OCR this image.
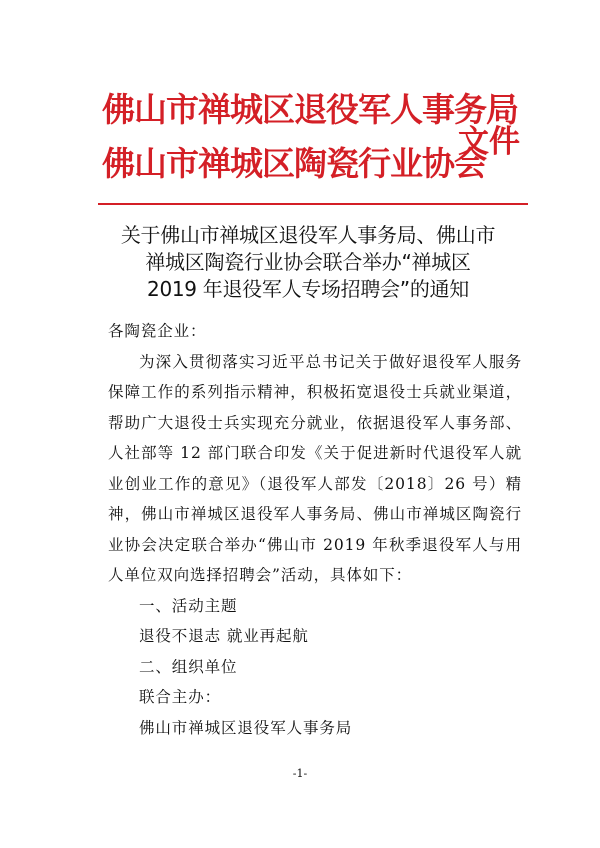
佛山市禅城区退役军人事务局
佛山市禅城区陶瓷行业协会
文件
关于佛山市禅城区退役军人事务局、佛山市
禅城区陶瓷行业协会联合举办“禅城区
2019 年退役军人专场招聘会”的通知

各陶瓷企业：

为深入贯彻落实习近平总书记关于做好退役军人服务保障工作的系列指示精神，积极拓宽退役士兵就业渠道，帮助广大退役士兵实现充分就业，依据退役军人事务部、人社部等 12 部门联合印发《关于促进新时代退役军人就业创业工作的意见》（退役军人部发〔2018〕26 号）精神，佛山市禅城区退役军人事务局、佛山市禅城区陶瓷行业协会决定联合举办“佛山市 2019 年秋季退役军人与用人单位双向选择招聘会”活动，具体如下：

一、活动主题

退役不退志 就业再起航

二、组织单位

联合主办：

佛山市禅城区退役军人事务局

-1-
